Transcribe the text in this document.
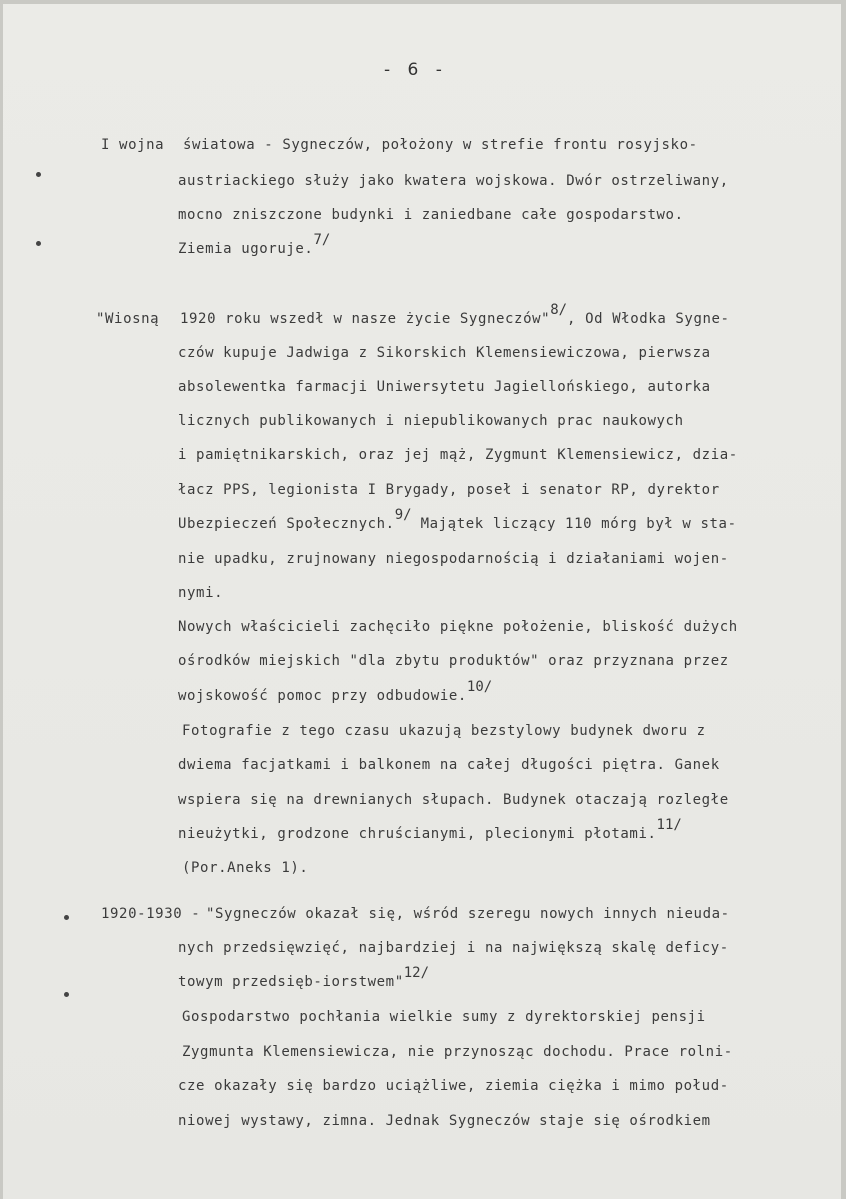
- 6 -
I wojna światowa - Sygneczów, położony w strefie frontu rosyjsko-
austriackiego służy jako kwatera wojskowa. Dwór ostrzeliwany,
mocno zniszczone budynki i zaniedbane całe gospodarstwo.
Ziemia ugoruje.7/
"Wiosną 1920 roku wszedł w nasze życie Sygneczów"8/, Od Włodka Sygne-
czów kupuje Jadwiga z Sikorskich Klemensiewiczowa, pierwsza
absolewentka farmacji Uniwersytetu Jagiellońskiego, autorka
licznych publikowanych i niepublikowanych prac naukowych
i pamiętnikarskich, oraz jej mąż, Zygmunt Klemensiewicz, dzia-
łacz PPS, legionista I Brygady, poseł i senator RP, dyrektor
Ubezpieczeń Społecznych.9/ Majątek liczący 110 mórg był w sta-
nie upadku, zrujnowany niegospodarnością i działaniami wojen-
nymi.
Nowych właścicieli zachęciło piękne położenie, bliskość dużych
ośrodków miejskich "dla zbytu produktów" oraz przyznana przez
wojskowość pomoc przy odbudowie.10/
Fotografie z tego czasu ukazują bezstylowy budynek dworu z
dwiema facjatkami i balkonem na całej długości piętra. Ganek
wspiera się na drewnianych słupach. Budynek otaczają rozległe
nieużytki, grodzone chruścianymi, plecionymi płotami.11/
(Por.Aneks 1).
1920-1930 - "Sygneczów okazał się, wśród szeregu nowych innych nieuda-
nych przedsięwzięć, najbardziej i na największą skalę deficy-
towym przedsięb-iorstwem"12/
Gospodarstwo pochłania wielkie sumy z dyrektorskiej pensji
Zygmunta Klemensiewicza, nie przynosząc dochodu. Prace rolni-
cze okazały się bardzo uciążliwe, ziemia ciężka i mimo połud-
niowej wystawy, zimna. Jednak Sygneczów staje się ośrodkiem
